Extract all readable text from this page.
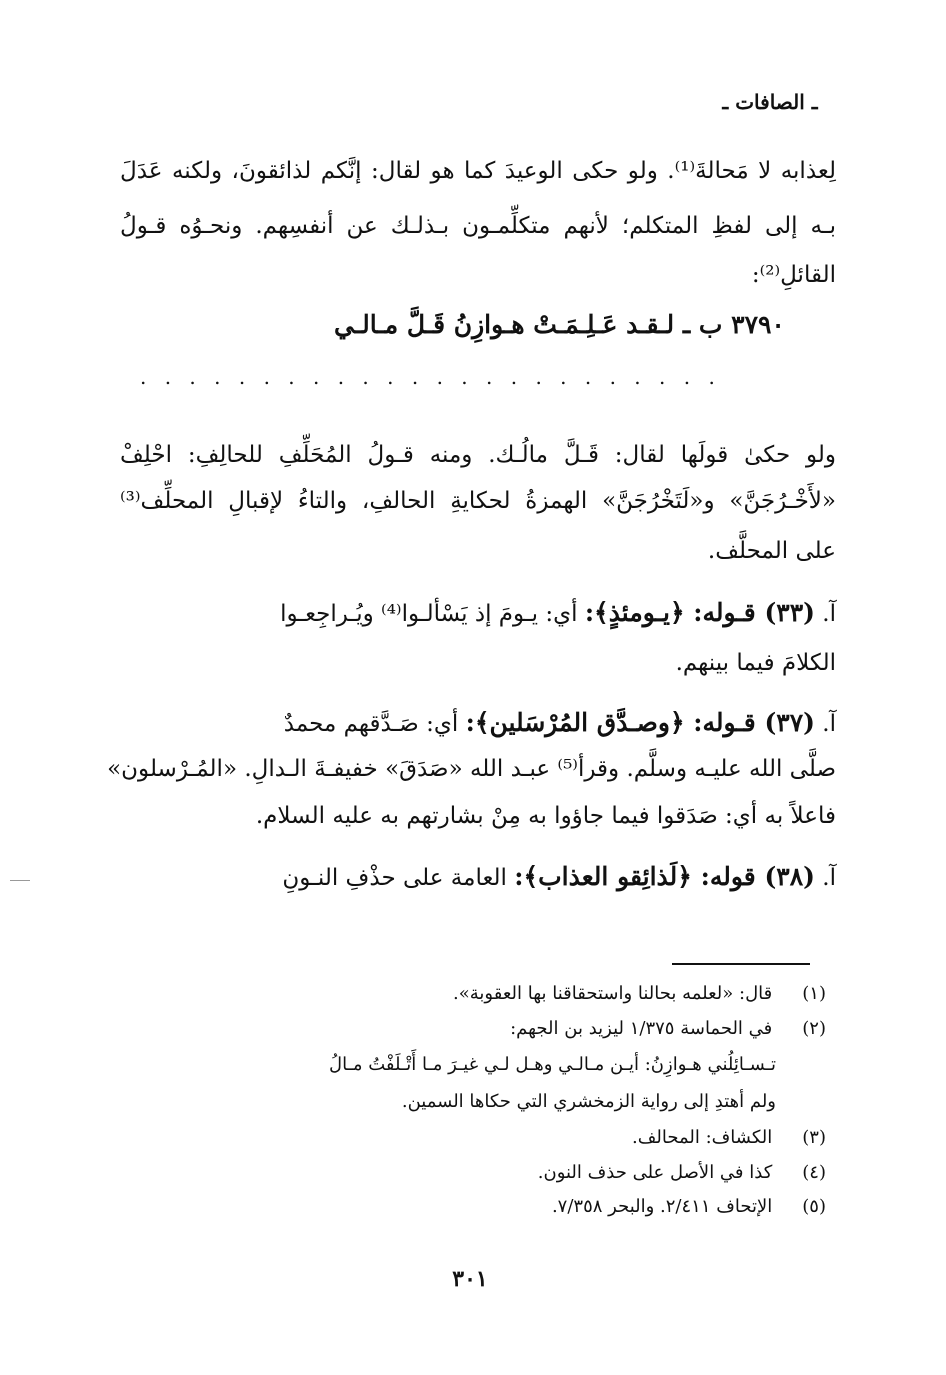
ـ الصافات ـ
لِعذابه لا مَحالةَ⁽¹⁾. ولو حكى الوعيدَ كما هو لقال: إنَّكم لذائقونَ، ولكنه عَدَلَ
بـه إلى لفظِ المتكلم؛ لأنهم متكلِّمـون بـذلـك عن أنفسِهم. ونحـوُه قـولُ
القائلِ⁽²⁾:
٣٧٩٠ ب ـ لـقـد عَـلِـمَـتْ هـوازِنُ قَـلَّ مـالـي
. . . . . . . . . . . . . . . . . . . . . . . .
ولو حكىٰ قولَها لقال: قَـلَّ مالُـك. ومنه قـولُ المُحَلِّفِ للحالِفِ: احْلِفْ
«لأَخْـرُجَنَّ» و«لَتَخْرُجَنَّ» الهمزةُ لحكايةِ الحالفِ، والتاءُ لإقبالِ المحلِّف⁽³⁾
على المحلَّف.
آ. (٣٣) قـوله: ﴿يـومئذٍ﴾: أي: يـومَ إذ يَسْألـوا⁽⁴⁾ ويُـراجِعـوا
الكلامَ فيما بينهم.
آ. (٣٧) قـوله: ﴿وصـدَّق المُرْسَلين﴾: أي: صَـدَّقهم محمدٌ
صلَّى الله عليـه وسلَّم. وقرأ⁽⁵⁾ عبـد الله «صَدَقَ» خفيفـةَ الـدالِ. «المُـرْسلون»
فاعلاً به أي: صَدَقوا فيما جاؤوا به مِنْ بشارتهم به عليه السلام.
آ. (٣٨) قوله: ﴿لَذائِقو العذاب﴾: العامة على حذْفِ النـونِ
(١) قال: «لعلمه بحالنا واستحقاقنا بها العقوبة».
(٢) في الحماسة ١/٣٧٥ ليزيد بن الجهم:
تـسـائِلُني هـوازِنُ: أيـن مـالـي وهـل لـي غيـرَ مـا أَتْـلَفْتُ مـالُ
ولم أهتدِ إلى رواية الزمخشري التي حكاها السمين.
(٣) الكشاف: المحالف.
(٤) كذا في الأصل على حذف النون.
(٥) الإتحاف ٢/٤١١. والبحر ٧/٣٥٨.
٣٠١
